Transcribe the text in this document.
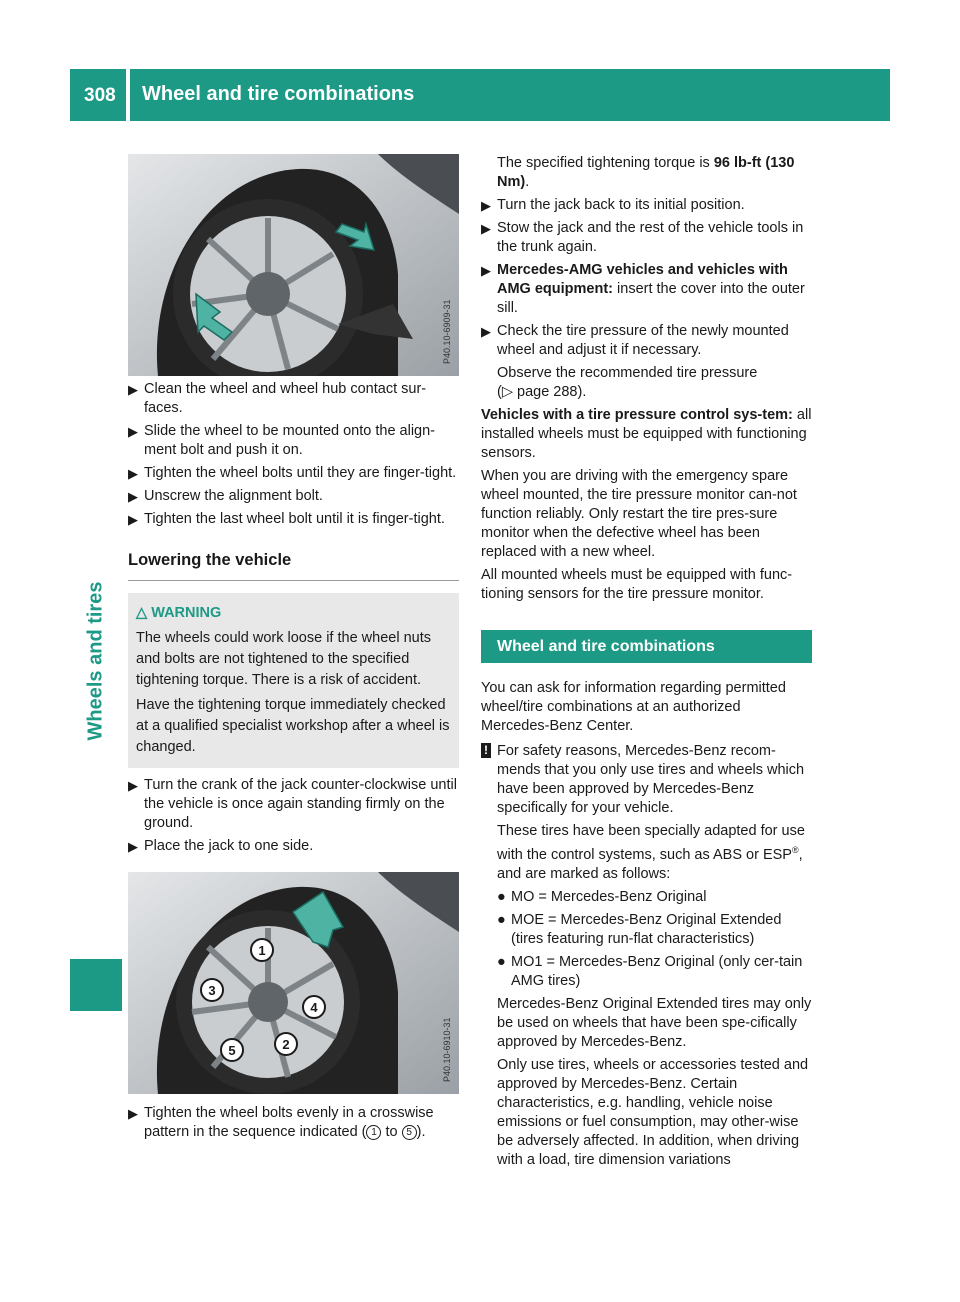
308 Wheel and tire combinations
Wheels and tires
P40.10-6909-31
▶ Clean the wheel and wheel hub contact sur-faces.
▶ Slide the wheel to be mounted onto the align-ment bolt and push it on.
▶ Tighten the wheel bolts until they are finger-tight.
▶ Unscrew the alignment bolt.
▶ Tighten the last wheel bolt until it is finger-tight.
Lowering the vehicle
△ WARNING

The wheels could work loose if the wheel nuts and bolts are not tightened to the specified tightening torque. There is a risk of accident.

Have the tightening torque immediately checked at a qualified specialist workshop after a wheel is changed.

▶ Turn the crank of the jack counter-clockwise until the vehicle is once again standing firmly on the ground.
▶ Place the jack to one side.
1
2
3
4
5	P40.10-6910-31
▶ Tighten the wheel bolts evenly in a crosswise pattern in the sequence indicated ( 1 to 5 ).

The specified tightening torque is 96 lb-ft (130 Nm).

▶ Turn the jack back to its initial position.
▶ Stow the jack and the rest of the vehicle tools in the trunk again.
▶ Mercedes-AMG vehicles and vehicles with AMG equipment: insert the cover into the outer sill.
▶ Check the tire pressure of the newly mounted wheel and adjust it if necessary.

Observe the recommended tire pressure
(▷ page 288).

Vehicles with a tire pressure control sys-tem: all installed wheels must be equipped with functioning sensors.

When you are driving with the emergency spare wheel mounted, the tire pressure monitor can-not function reliably. Only restart the tire pres-sure monitor when the defective wheel has been replaced with a new wheel.

All mounted wheels must be equipped with func-tioning sensors for the tire pressure monitor.

Wheel and tire combinations

You can ask for information regarding permitted wheel/tire combinations at an authorized Mercedes-Benz Center.

! For safety reasons, Mercedes-Benz recom-mends that you only use tires and wheels which have been approved by Mercedes-Benz specifically for your vehicle.

These tires have been specially adapted for use with the control systems, such as ABS or ESP®, and are marked as follows:

● MO = Mercedes-Benz Original
● MOE = Mercedes-Benz Original Extended (tires featuring run-flat characteristics)
● MO1 = Mercedes-Benz Original (only cer-tain AMG tires)

Mercedes-Benz Original Extended tires may only be used on wheels that have been spe-cifically approved by Mercedes-Benz.

Only use tires, wheels or accessories tested and approved by Mercedes-Benz. Certain characteristics, e.g. handling, vehicle noise emissions or fuel consumption, may other-wise be adversely affected. In addition, when driving with a load, tire dimension variations
